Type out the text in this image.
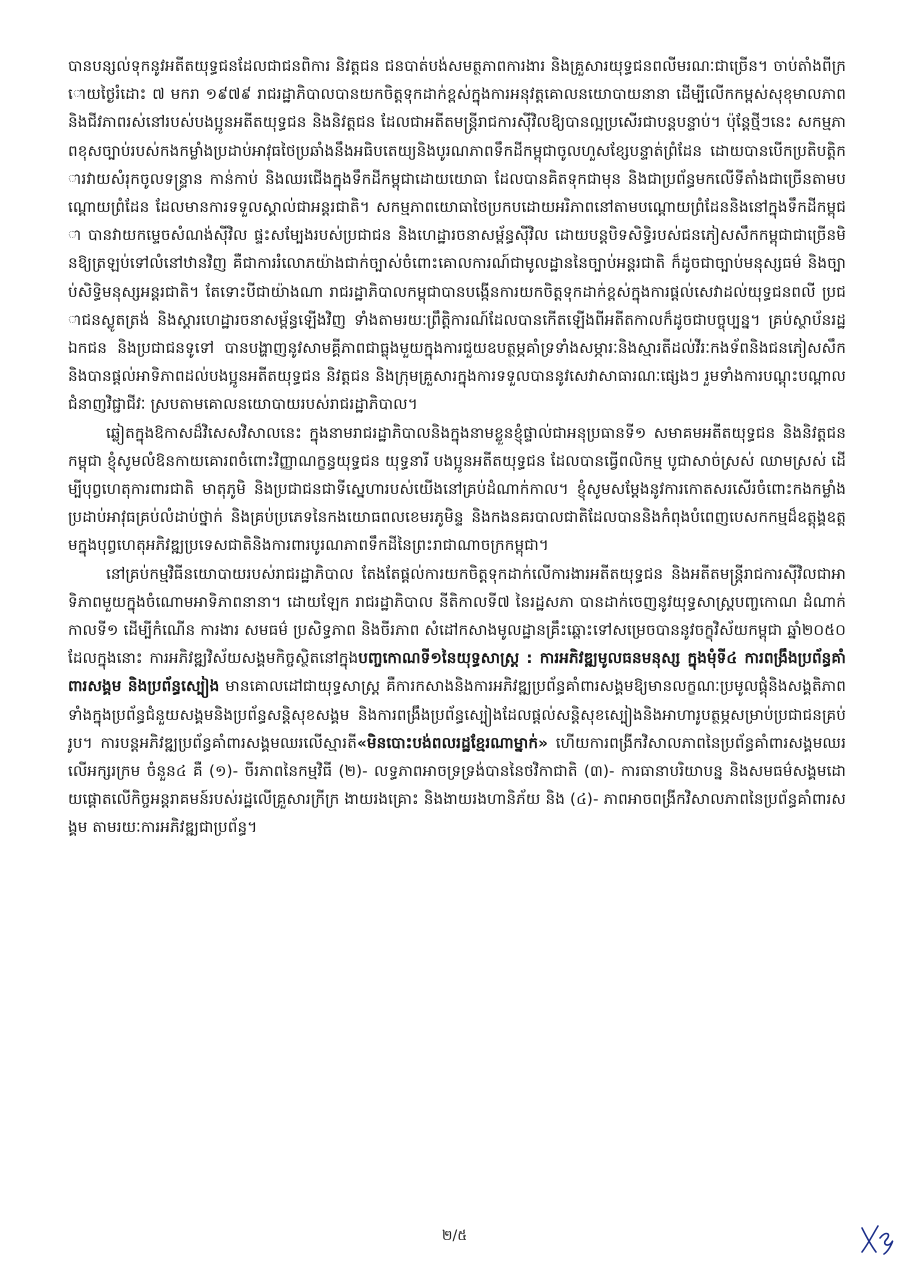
បានបន្សល់ទុកនូវអតីតយុទ្ធជនដែលជាជនពិការ និវត្តជន ជនបាត់បង់សមត្ថភាពការងារ និងគ្រួសារយុទ្ធជនពលីមរណៈជាច្រើន។ ចាប់តាំងពីក្រោយថ្ងៃរំដោះ ៧ មករា ១៩៧៩ រាជរដ្ឋាភិបាលបានយកចិត្តទុកដាក់ខ្ពស់ក្នុងការអនុវត្តគោលនយោបាយនានា ដើម្បីលើកកម្ពស់សុខុមាលភាពនិងជីវភាពរស់នៅរបស់បងប្អូនអតីតយុទ្ធជន និងនិវត្តជន ដែលជាអតីតមន្ត្រីរាជការស៊ីវិលឱ្យបានល្អប្រសើរជាបន្តបន្ទាប់។ ប៉ុន្តែថ្មីៗនេះ សកម្មភាពខុសច្បាប់របស់កងកម្លាំងប្រដាប់អាវុធថៃប្រឆាំងនឹងអធិបតេយ្យនិងបូរណភាពទឹកដីកម្ពុជាចូលហួសខ្សែបន្ទាត់ព្រំដែន ដោយបានបើកប្រតិបត្តិការវាយសំរុកចូលទន្ទ្រាន កាន់កាប់ និងឈរជើងក្នុងទឹកដីកម្ពុជាដោយយោធា ដែលបានគិតទុកជាមុន និងជាប្រព័ន្ធមកលើទីតាំងជាច្រើនតាមបណ្តោយព្រំដែន ដែលមានការទទួលស្គាល់ជាអន្តរជាតិ។ សកម្មភាពយោធាថៃប្រកបដោយអរិភាពនៅតាមបណ្តោយព្រំដែននិងនៅក្នុងទឹកដីកម្ពុជា បានវាយកម្ទេចសំណង់ស៊ីវិល ផ្ទះសម្បែងរបស់ប្រជាជន និងហេដ្ឋារចនាសម្ព័ន្ធស៊ីវិល ដោយបន្តបិទសិទ្ធិរបស់ជនភៀសសឹកកម្ពុជាជាច្រើនមិនឱ្យត្រឡប់ទៅលំនៅឋានវិញ គឺជាការរំលោភយ៉ាងជាក់ច្បាស់ចំពោះគោលការណ៍ជាមូលដ្ឋាននៃច្បាប់អន្តរជាតិ ក៏ដូចជាច្បាប់មនុស្សធម៌ និងច្បាប់សិទ្ធិមនុស្សអន្តរជាតិ។ តែទោះបីជាយ៉ាងណា រាជរដ្ឋាភិបាលកម្ពុជាបានបង្កើនការយកចិត្តទុកដាក់ខ្ពស់ក្នុងការផ្តល់សេវាដល់យុទ្ធជនពលី ប្រជាជនស្លូតត្រង់ និងស្តារហេដ្ឋារចនាសម្ព័ន្ធឡើងវិញ ទាំងតាមរយៈព្រឹត្តិការណ៍ដែលបានកើតឡើងពីអតីតកាលក៏ដូចជាបច្ចុប្បន្ន។ គ្រប់ស្ថាប័នរដ្ឋ ឯកជន និងប្រជាជនទូទៅ បានបង្ហាញនូវសាមគ្គីភាពជាធ្លុងមួយក្នុងការជួយឧបត្ថម្ភគាំទ្រទាំងសម្ភារៈនិងស្មារតីដល់វីរៈកងទ័ពនិងជនភៀសសឹក និងបានផ្តល់អាទិភាពដល់បងប្អូនអតីតយុទ្ធជន និវត្តជន និងក្រុមគ្រួសារក្នុងការទទួលបាននូវសេវាសាធារណៈផ្សេងៗ រួមទាំងការបណ្តុះបណ្តាលជំនាញវិជ្ជាជីវៈ ស្របតាមគោលនយោបាយរបស់រាជរដ្ឋាភិបាល។

ឆ្លៀតក្នុងឱកាសដ៏វិសេសវិសាលនេះ ក្នុងនាមរាជរដ្ឋាភិបាលនិងក្នុងនាមខ្លួនខ្ញុំផ្ទាល់ជាអនុប្រធានទី១ សមាគមអតីតយុទ្ធជន និងនិវត្តជនកម្ពុជា ខ្ញុំសូមលំឱនកាយគោរពចំពោះវិញ្ញាណក្ខន្ធយុទ្ធជន យុទ្ធនារី បងប្អូនអតីតយុទ្ធជន ដែលបានធ្វើពលិកម្ម បូជាសាច់ស្រស់ ឈាមស្រស់ ដើម្បីបុព្វហេតុការពារជាតិ មាតុភូមិ និងប្រជាជនជាទីស្នេហារបស់យើងនៅគ្រប់ដំណាក់កាល។ ខ្ញុំសូមសម្តែងនូវការកោតសរសើរចំពោះកងកម្លាំងប្រដាប់អាវុធគ្រប់លំដាប់ថ្នាក់ និងគ្រប់ប្រភេទនៃកងយោធពលខេមរភូមិន្ទ និងកងនគរបាលជាតិដែលបាននិងកំពុងបំពេញបេសកកម្មដ៏ឧត្តុង្គឧត្តមក្នុងបុព្វហេតុអភិវឌ្ឍប្រទេសជាតិនិងការពារបូរណភាពទឹកដីនៃព្រះរាជាណាចក្រកម្ពុជា។

នៅគ្រប់កម្មវិធីនយោបាយរបស់រាជរដ្ឋាភិបាល តែងតែផ្តល់ការយកចិត្តទុកដាក់លើការងារអតីតយុទ្ធជន និងអតីតមន្ត្រីរាជការស៊ីវិលជាអាទិភាពមួយក្នុងចំណោមអាទិភាពនានា។ ដោយឡែក រាជរដ្ឋាភិបាល នីតិកាលទី៧ នៃរដ្ឋសភា បានដាក់ចេញនូវយុទ្ធសាស្ត្របញ្ចកោណ ដំណាក់កាលទី១ ដើម្បីកំណើន ការងារ សមធម៌ ប្រសិទ្ធភាព និងចីរភាព សំដៅកសាងមូលដ្ឋានគ្រឹះឆ្ពោះទៅសម្រេចបាននូវចក្ខុវិស័យកម្ពុជា ឆ្នាំ២០៥០ ដែលក្នុងនោះ ការអភិវឌ្ឍវិស័យសង្គមកិច្ចស្ថិតនៅក្នុងបញ្ចកោណទី១នៃយុទ្ធសាស្ត្រ : ការអភិវឌ្ឍមូលធនមនុស្ស ក្នុងមុំទី៤ ការពង្រឹងប្រព័ន្ធគាំពារសង្គម និងប្រព័ន្ធស្បៀង មានគោលដៅជាយុទ្ធសាស្ត្រ គឺការកសាងនិងការអភិវឌ្ឍប្រព័ន្ធគាំពារសង្គមឱ្យមានលក្ខណៈប្រមូលផ្តុំនិងសង្គតិភាពទាំងក្នុងប្រព័ន្ធជំនួយសង្គមនិងប្រព័ន្ធសន្តិសុខសង្គម និងការពង្រឹងប្រព័ន្ធស្បៀងដែលផ្តល់សន្តិសុខស្បៀងនិងអាហារូបត្ថម្ភសម្រាប់ប្រជាជនគ្រប់រូប។ ការបន្តអភិវឌ្ឍប្រព័ន្ធគាំពារសង្គមឈរលើស្មារតី«មិនបោះបង់ពលរដ្ឋខ្មែរណាម្នាក់» ហើយការពង្រីកវិសាលភាពនៃប្រព័ន្ធគាំពារសង្គមឈរលើអក្សរក្រម ចំនួន៤ គឺ (១)- ចីរភាពនៃកម្មវិធី (២)- លទ្ធភាពអាចទ្រទ្រង់បាននៃថវិកាជាតិ (៣)- ការធានាបរិយាបន្ន និងសមធម៌សង្គមដោយផ្តោតលើកិច្ចអន្តរាគមន៍របស់រដ្ឋលើគ្រួសារក្រីក្រ ងាយរងគ្រោះ និងងាយរងហានិភ័យ និង (៤)- ភាពអាចពង្រីកវិសាលភាពនៃប្រព័ន្ធគាំពារសង្គម តាមរយៈការអភិវឌ្ឍជាប្រព័ន្ធ។

២/៥
